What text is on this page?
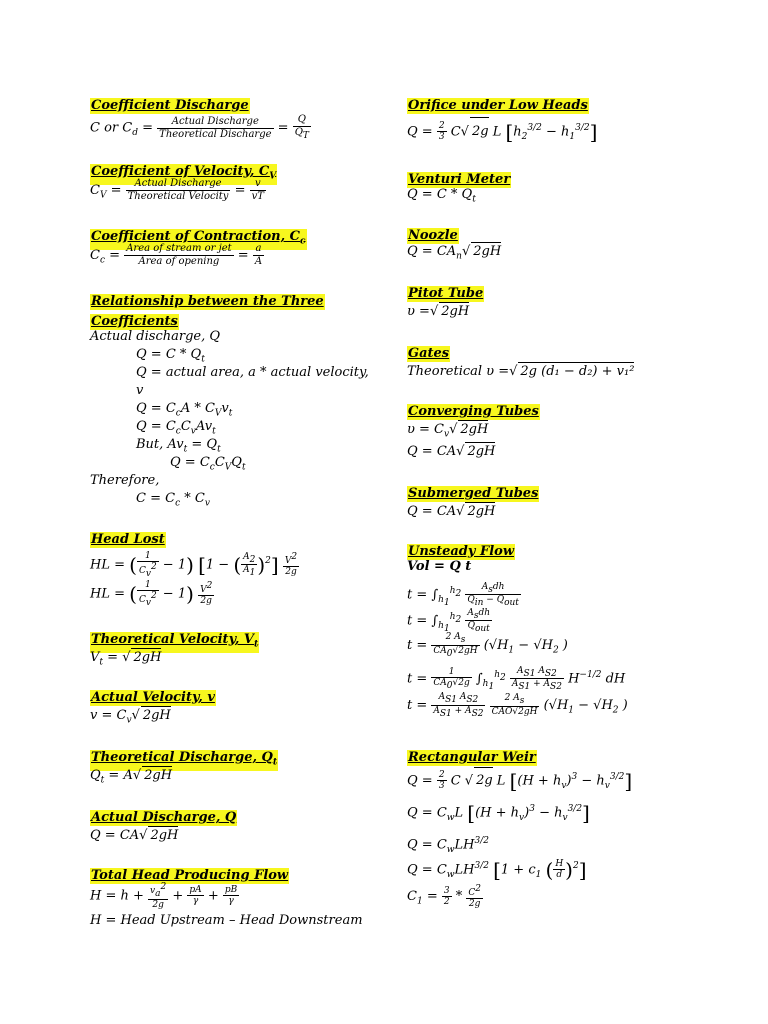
Coefficient Discharge
C or $C_d = \frac{\text{Actual Discharge}}{\text{Theoretical Discharge}} = \frac{Q}{Q_T}$
Coefficient of Velocity, $C_V$
$C_V = \frac{\text{Actual Discharge}}{\text{Theoretical Velocity}} = \frac{v}{vT}$
Coefficient of Contraction, $C_c$
$C_c = \frac{\text{Area of stream or jet}}{\text{Area of opening}} = \frac{a}{A}$
Relationship between the Three
Coefficients
Actual discharge, Q
$Q = C * Q_t$
Q = actual area, a * actual velocity,
v
$Q = C_cA * C_Vv_t$
$Q = C_cC_vAv_t$
But, $Av_t = Q_t$
$Q = C_cC_VQ_t$
Therefore,
$C = C_c * C_v$
Head Lost
HL = ( $\frac{1}{C_v^2} - 1$) [1 − ( $\frac{A_2}{A_1} )^2] \frac{V^2}{2g}$
HL = ( $\frac{1}{C_v^2} - 1) \frac{V^2}{2g}$
Theoretical Velocity, $V_t$
$V_t$ = √ 2gH
Actual Velocity, v
$v = C_v√$ 2gH
Theoretical Discharge, $Q_t$
$Q_t = A√$ 2gH
Actual Discharge, Q
Q = CA√ 2gH
Total Head Producing Flow
$H = h + \frac{v_a^2}{2g} + \frac{pA}{\gamma} + \frac{pB}{\gamma}$
H = Head Upstream – Head Downstream
Orifice under Low Heads
$Q = \frac{2}{3} C√$ 2g L $[h_2^{3/2} - h_1^{3/2}]$
Venturi Meter
$Q = C * Q_t$
Noozle
$Q = CA_n√$ 2gH
Pitot Tube
υ =√ 2gH
Gates
Theoretical υ =√ 2g (d₁ − d₂) + v₁²
Converging Tubes
$\upsilon = C_v√$ 2gH
Q = CA√ 2gH
Submerged Tubes
Q = CA√ 2gH
Unsteady Flow
Vol = Q t
$t = \int_{h_1}^{h_2} \frac{A_sdh}{Q_{in} - Q_{out}}$
$t = \int_{h_1}^{h_2} \frac{A_sdh}{Q_{out}}$
$t = \frac{2 A_s}{CA_0√2gH} (√H_1 - √H_2$ )
$t = \frac{1}{CA_0√2g} \int_{h_1}^{h_2} \frac{A_{S1} A_{S2}}{A_{S1} + A_{S2}} H^{-1/2}$ dH
$t = \frac{A_{S1} A_{S2}}{A_{S1} + A_{S2}}$
$\frac{2 A_s}{\text{CAO√2gH}} (√H_1 - √H_2$ )
Rectangular Weir
$Q = \frac{2}{3}$ C √ 2g L $[(H + h_v)^3 - h_v^{3/2}]$
$Q = C_wL$ $[(H + h_v)^3 - h_v^{3/2}]$
$Q = C_wLH^{3/2}$
$Q = C_wLH^{3/2}$ [$1 + c_1$ ( $\frac{H}{d} )^2$]
$C_1 = \frac{3}{2} * \frac{C^2}{2g}$
